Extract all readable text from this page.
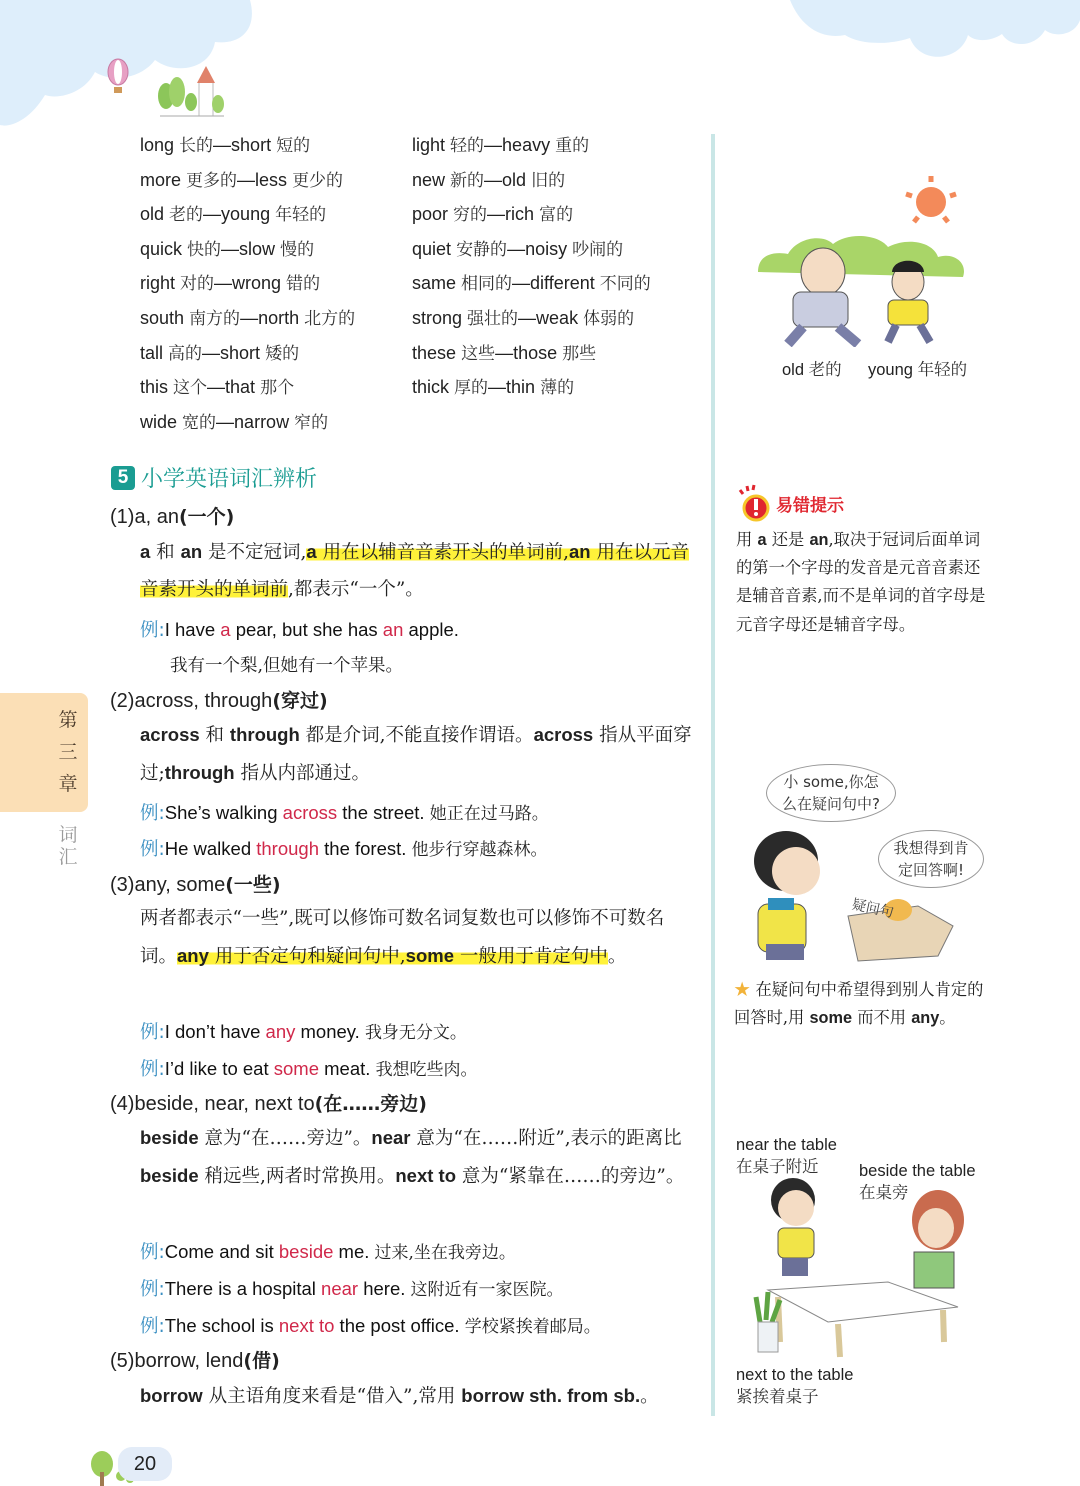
long 长的—short 短的
more 更多的—less 更少的
old 老的—young 年轻的
quick 快的—slow 慢的
right 对的—wrong 错的
south 南方的—north 北方的
tall 高的—short 矮的
this 这个—that 那个
wide 宽的—narrow 窄的
light 轻的—heavy 重的
new 新的—old 旧的
poor 穷的—rich 富的
quiet 安静的—noisy 吵闹的
same 相同的—different 不同的
strong 强壮的—weak 体弱的
these 这些—those 那些
thick 厚的—thin 薄的
5 小学英语词汇辨析
(1)a, an(一个)
a 和 an 是不定冠词,a 用在以辅音音素开头的单词前,an 用在以元音音素开头的单词前,都表示“一个”。
例:I have a pear, but she has an apple.
我有一个梨,但她有一个苹果。
(2)across, through(穿过)
across 和 through 都是介词,不能直接作谓语。across 指从平面穿过;through 指从内部通过。
例:She’s walking across the street. 她正在过马路。
例:He walked through the forest. 他步行穿越森林。
(3)any, some(一些)
两者都表示“一些”,既可以修饰可数名词复数也可以修饰不可数名词。any 用于否定句和疑问句中,some 一般用于肯定句中。
例:I don’t have any money. 我身无分文。
例:I’d like to eat some meat. 我想吃些肉。
(4)beside, near, next to(在……旁边)
beside 意为“在……旁边”。near 意为“在……附近”,表示的距离比 beside 稍远些,两者时常换用。next to 意为“紧靠在……的旁边”。
例:Come and sit beside me. 过来,坐在我旁边。
例:There is a hospital near here. 这附近有一家医院。
例:The school is next to the post office. 学校紧挨着邮局。
(5)borrow, lend(借)
borrow 从主语角度来看是“借入”,常用 borrow sth. from sb.。
第
三
章
词
汇
old 老的 young 年轻的
易错提示
用 a 还是 an,取决于冠词后面单词的第一个字母的发音是元音音素还是辅音音素,而不是单词的首字母是元音字母还是辅音字母。
小 some,你怎
么在疑问句中?
我想得到肯
定回答啊!
疑问句
★ 在疑问句中希望得到别人肯定的回答时,用 some 而不用 any。
near the table
在桌子附近	beside the table
在桌旁
next to the table
紧挨着桌子
20
